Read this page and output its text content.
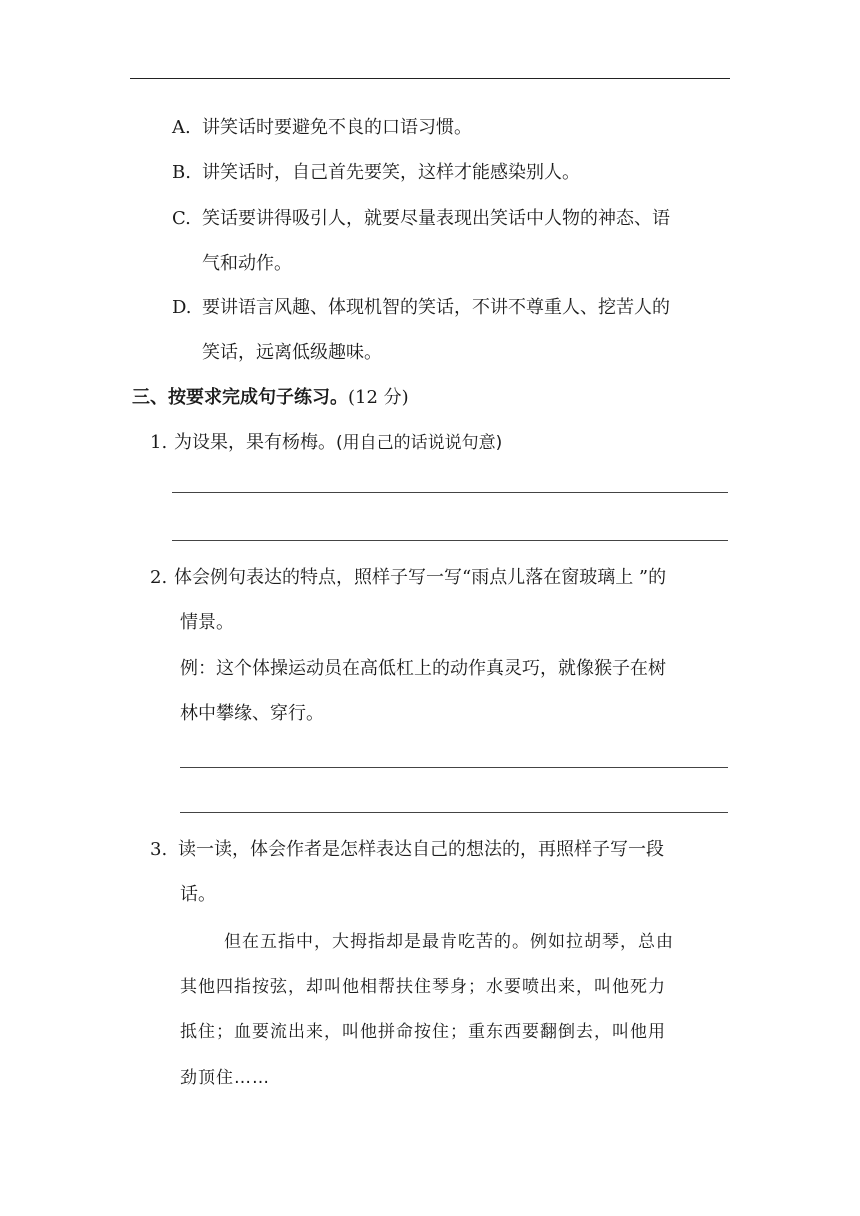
A. 讲笑话时要避免不良的口语习惯。
B. 讲笑话时，自己首先要笑，这样才能感染别人。
C. 笑话要讲得吸引人，就要尽量表现出笑话中人物的神态、语
气和动作。
D. 要讲语言风趣、体现机智的笑话，不讲不尊重人、挖苦人的
笑话，远离低级趣味。
三、按要求完成句子练习。(12 分)
1. 为设果，果有杨梅。(用自己的话说说句意)
2. 体会例句表达的特点，照样子写一写“雨点儿落在窗玻璃上 ”的
情景。
例：这个体操运动员在高低杠上的动作真灵巧，就像猴子在树
林中攀缘、穿行。
3. 读一读，体会作者是怎样表达自己的想法的，再照样子写一段
话。
但在五指中，大拇指却是最肯吃苦的。例如拉胡琴，总由
其他四指按弦，却叫他相帮扶住琴身；水要喷出来，叫他死力
抵住；血要流出来，叫他拼命按住；重东西要翻倒去，叫他用
劲顶住……
